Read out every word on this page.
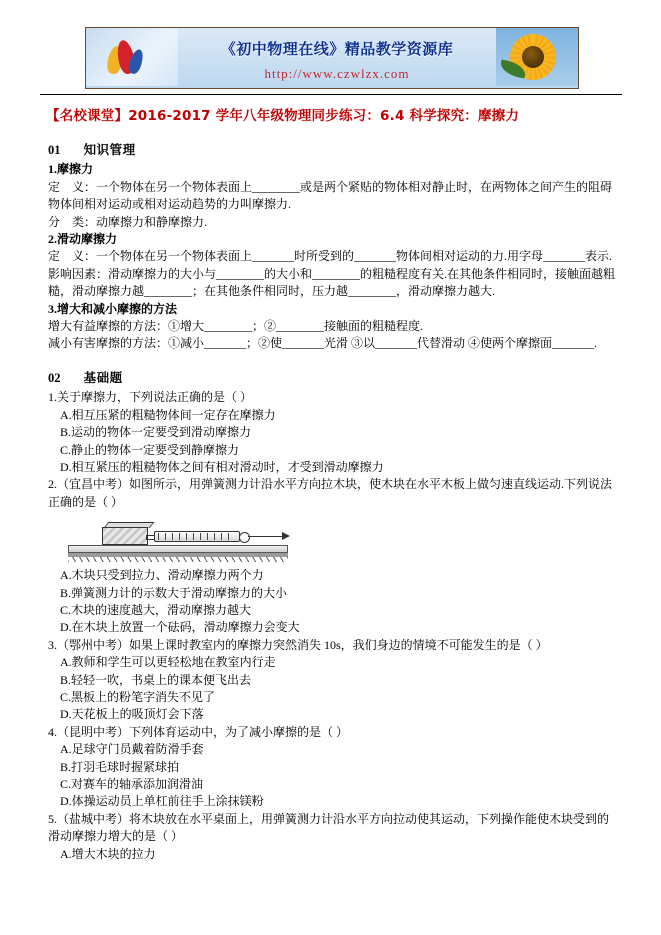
《初中物理在线》精品教学资源库
http://www.czwlzx.com
【名校课堂】2016-2017 学年八年级物理同步练习：6.4 科学探究：摩擦力
01 知识管理

1.摩擦力

定    义：一个物体在另一个物体表面上________或是两个紧贴的物体相对静止时，在两物体之间产生的阻碍物体间相对运动或相对运动趋势的力叫摩擦力.

分    类：动摩擦力和静摩擦力.

2.滑动摩擦力

定    义：一个物体在另一个物体表面上_______时所受到的_______物体间相对运动的力.用字母_______表示.

影响因素：滑动摩擦力的大小与________的大小和________的粗糙程度有关.在其他条件相同时，接触面越粗糙，滑动摩擦力越________；在其他条件相同时，压力越________，滑动摩擦力越大.

3.增大和减小摩擦的方法

增大有益摩擦的方法：①增大________；②________接触面的粗糙程度.

减小有害摩擦的方法：①减小_______；②使_______光滑 ③以_______代替滑动 ④使两个摩擦面_______.

02 基础题

1.关于摩擦力，下列说法正确的是（ ）

A.相互压紧的粗糙物体间一定存在摩擦力

B.运动的物体一定要受到滑动摩擦力

C.静止的物体一定要受到静摩擦力

D.相互紧压的粗糙物体之间有相对滑动时，才受到滑动摩擦力

2.（宜昌中考）如图所示，用弹簧测力计沿水平方向拉木块，使木块在水平木板上做匀速直线运动.下列说法正确的是（ ）

A.木块只受到拉力、滑动摩擦力两个力

B.弹簧测力计的示数大于滑动摩擦力的大小

C.木块的速度越大，滑动摩擦力越大

D.在木块上放置一个砝码，滑动摩擦力会变大

3.（鄂州中考）如果上课时教室内的摩擦力突然消失 10s，我们身边的情境不可能发生的是（ ）

A.教师和学生可以更轻松地在教室内行走

B.轻轻一吹，书桌上的课本便飞出去

C.黑板上的粉笔字消失不见了

D.天花板上的吸顶灯会下落

4.（昆明中考）下列体育运动中，为了减小摩擦的是（ ）

A.足球守门员戴着防滑手套

B.打羽毛球时握紧球拍

C.对赛车的轴承添加润滑油

D.体操运动员上单杠前往手上涂抹镁粉

5.（盐城中考）将木块放在水平桌面上，用弹簧测力计沿水平方向拉动使其运动，下列操作能使木块受到的滑动摩擦力增大的是（ ）

A.增大木块的拉力
